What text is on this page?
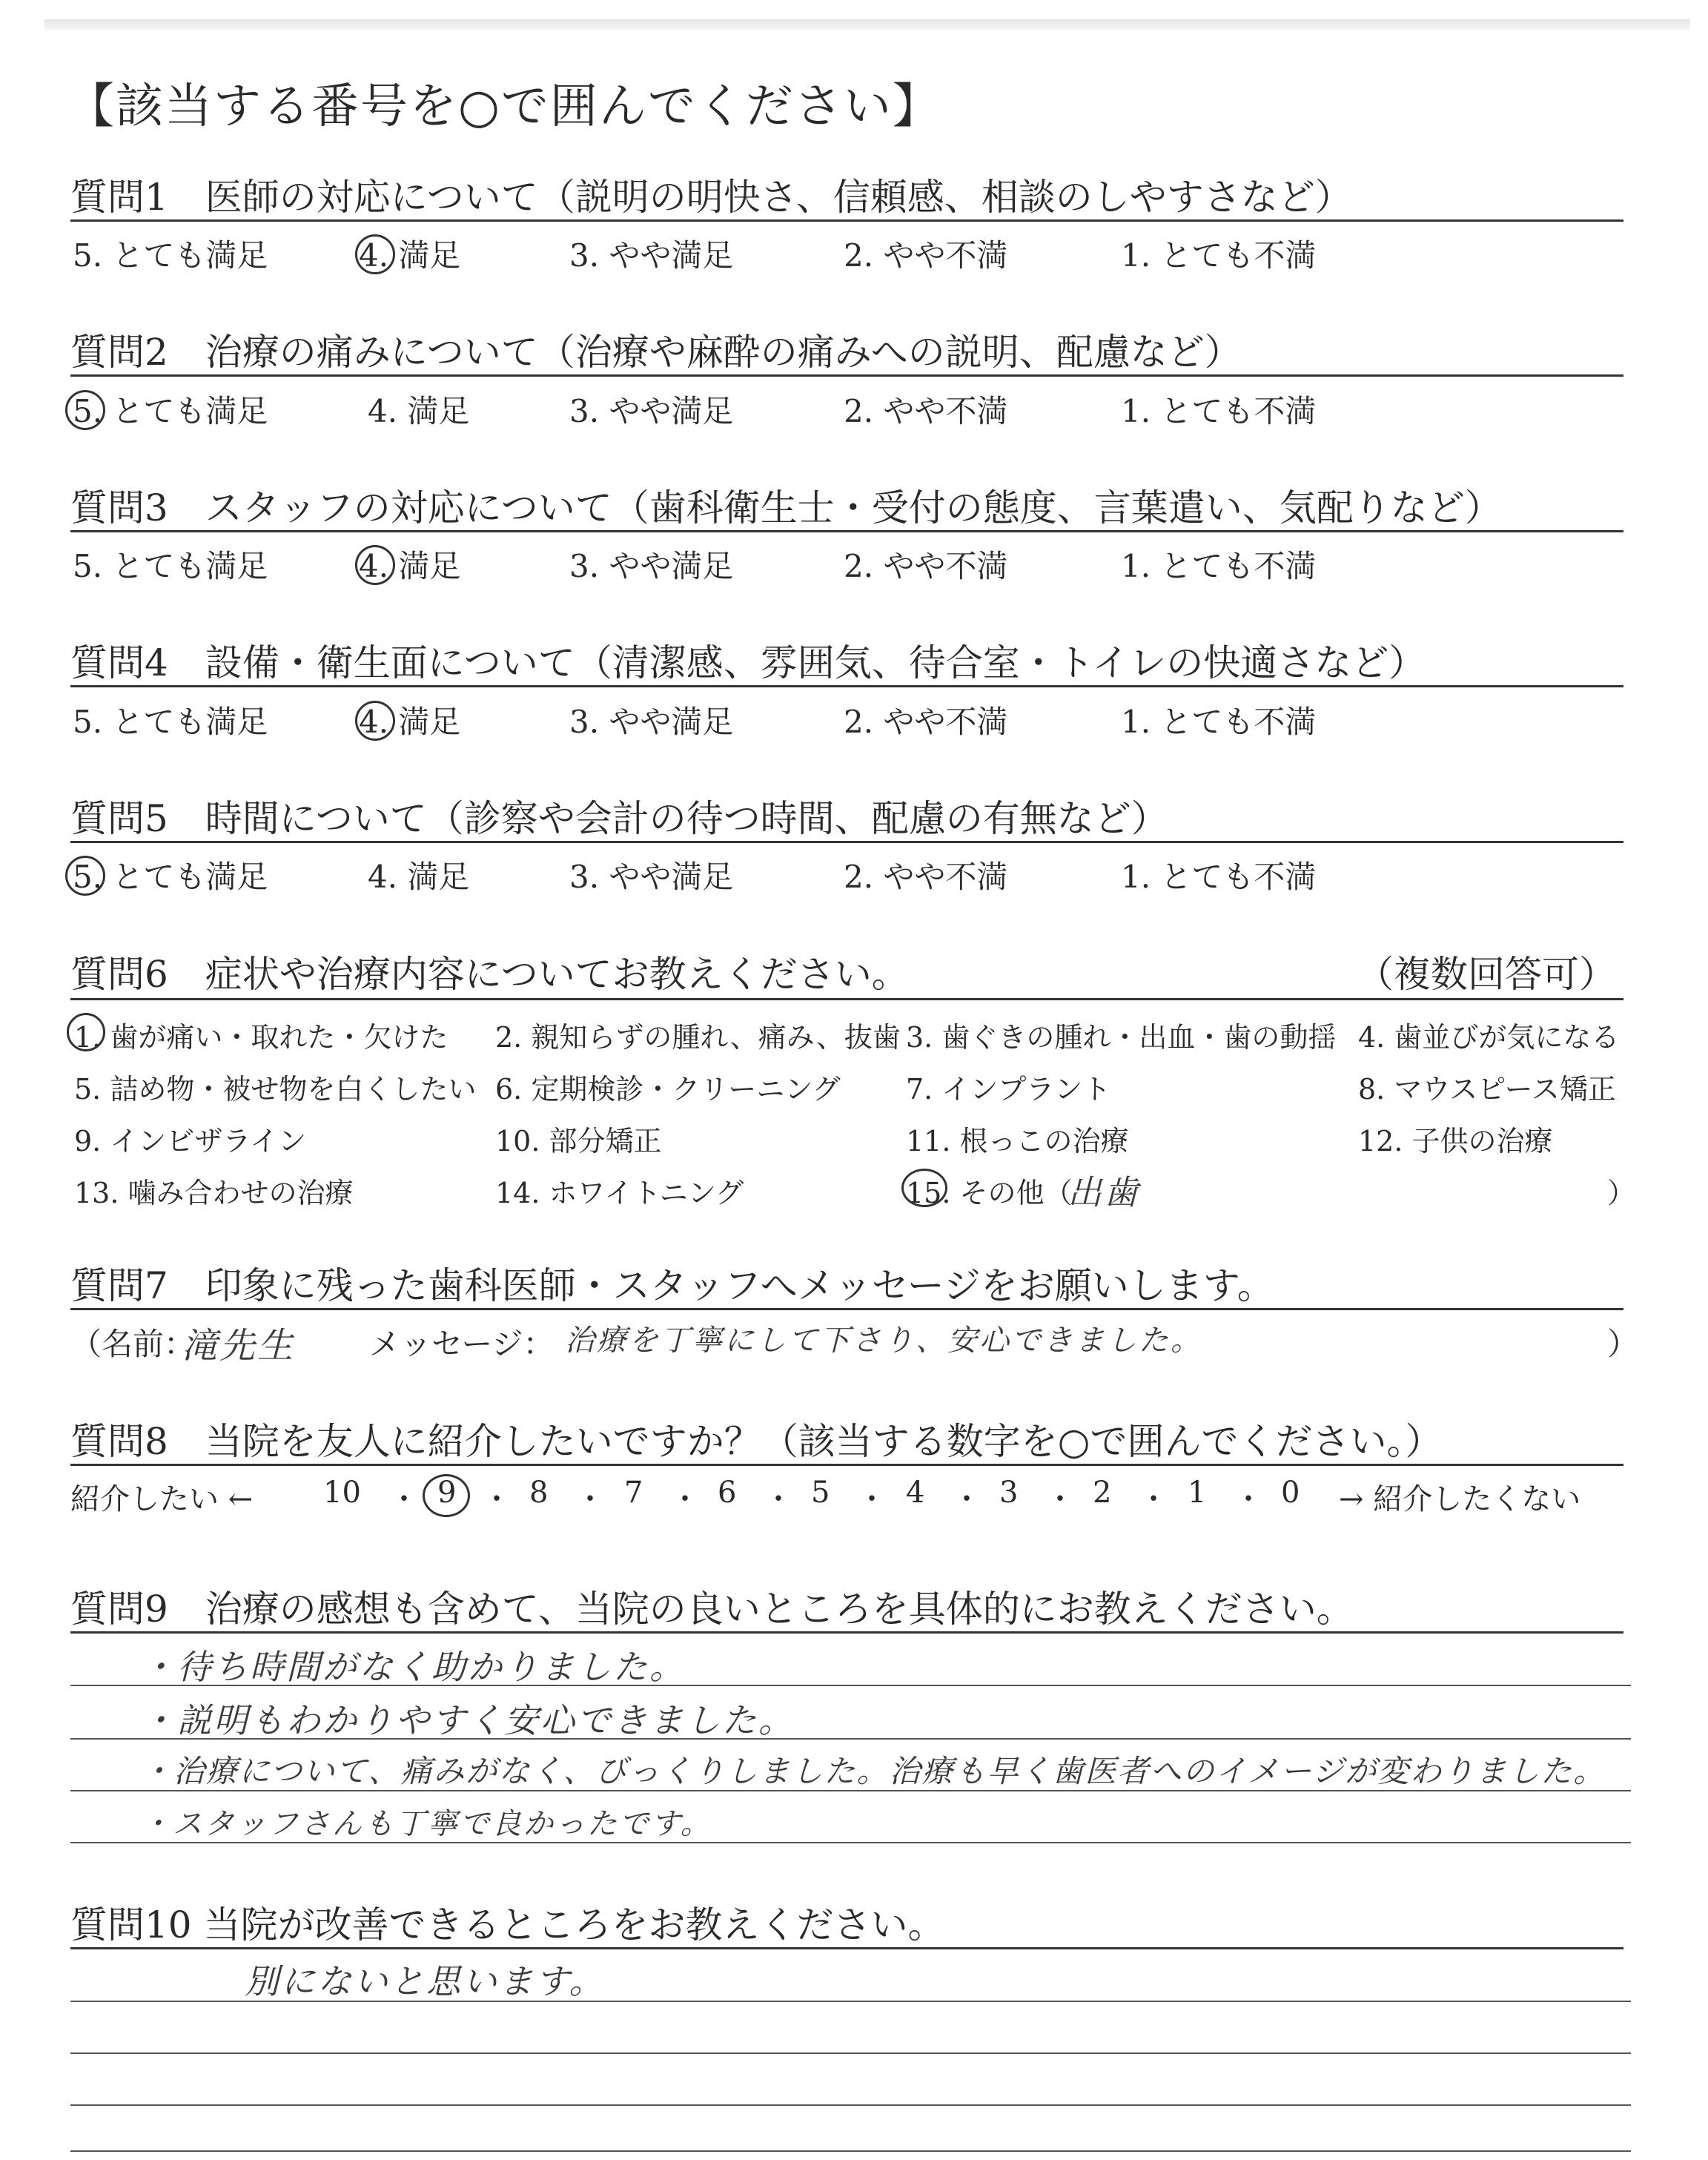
【該当する番号を○で囲んでください】
質問1　医師の対応について（説明の明快さ、信頼感、相談のしやすさなど）
5. とても満足	4. 満足	3. やや満足	2. やや不満	1. とても不満
質問2　治療の痛みについて（治療や麻酔の痛みへの説明、配慮など）
5. とても満足	4. 満足	3. やや満足	2. やや不満	1. とても不満
質問3　スタッフの対応について（歯科衛生士・受付の態度、言葉遣い、気配りなど）
5. とても満足	4. 満足	3. やや満足	2. やや不満	1. とても不満
質問4　設備・衛生面について（清潔感、雰囲気、待合室・トイレの快適さなど）
5. とても満足	4. 満足	3. やや満足	2. やや不満	1. とても不満
質問5　時間について（診察や会計の待つ時間、配慮の有無など）
5. とても満足	4. 満足	3. やや満足	2. やや不満	1. とても不満
質問6　症状や治療内容についてお教えください。	（複数回答可）
1. 歯が痛い・取れた・欠けた 2. 親知らずの腫れ、痛み、抜歯 3. 歯ぐきの腫れ・出血・歯の動揺 4. 歯並びが気になる
5. 詰め物・被せ物を白くしたい 6. 定期検診・クリーニング 7. インプラント	8. マウスピース矯正
9. インビザライン	10. 部分矯正	11. 根っこの治療	12. 子供の治療
13. 噛み合わせの治療	14. ホワイトニング	15. その他（
出歯	）
質問7　印象に残った歯科医師・スタッフへメッセージをお願いします。
（名前：
滝先生 メッセージ： 治療を丁寧にして下さり、安心できました。	）
質問8　当院を友人に紹介したいですか？（該当する数字を○で囲んでください。）
紹介したい ← 10 ・ 9 ・ 8 ・ 7 ・ 6 ・ 5 ・ 4 ・ 3 ・ 2 ・ 1 ・ 0 → 紹介したくない
質問9　治療の感想も含めて、当院の良いところを具体的にお教えください。
・待ち時間がなく助かりました。
・説明もわかりやすく安心できました。
・治療について、痛みがなく、びっくりしました。治療も早く歯医者へのイメージが変わりました。
・スタッフさんも丁寧で良かったです。
質問10 当院が改善できるところをお教えください。
別にないと思います。
